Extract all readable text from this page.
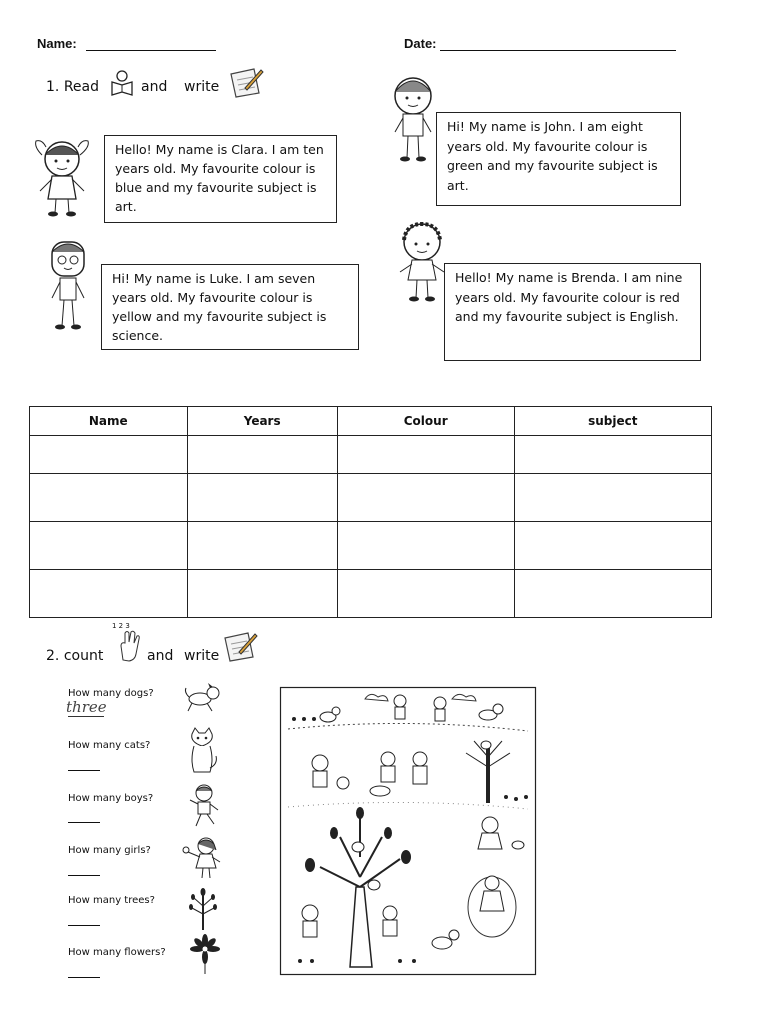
Name:	Date:
1. Read	and write
Hello! My name is Clara. I am ten years old. My favourite colour is blue and my favourite subject is art.
Hi! My name is Luke. I am seven years old. My favourite colour is yellow and my favourite subject is science.
Hi! My name is John. I am eight years old. My favourite colour is green and my favourite subject is art.
Hello! My name is Brenda. I am nine years old. My favourite colour is red and my favourite subject is English.
Name	Years	Colour	subject

2. count
1 2 3
and write
How many dogs?
three
How many cats?
How many boys?
How many girls?
How many trees?
How many flowers?
